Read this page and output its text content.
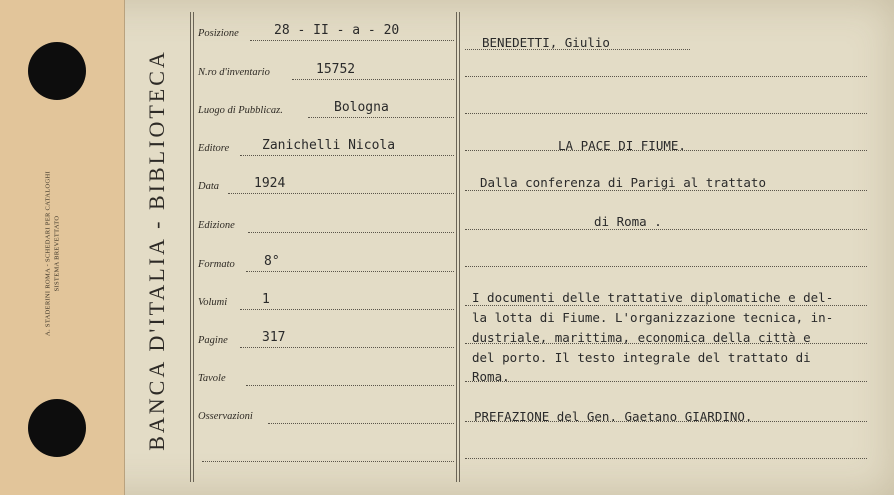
A. STADERINI ROMA - SCHEDARI PER CATALOGHI SISTEMA BREVETTATO	BANCA D'ITALIA - BIBLIOTECA
Posizione	28 - II - a - 20
N.ro d'inventario	15752
Luogo di Pubblicaz.	Bologna
Editore	Zanichelli Nicola
Data	1924
Edizione
Formato 8°
Volumi	1
Pagine	317
Tavole
Osservazioni
BENEDETTI, Giulio
LA PACE DI FIUME.
Dalla conferenza di Parigi al trattato
di Roma .
I documenti delle trattative diplomatiche e del-
la lotta di Fiume. L'organizzazione tecnica, in-
dustriale, marittima, economica della città e
del porto. Il testo integrale del trattato di
Roma.
PREFAZIONE del Gen. Gaetano GIARDINO.
